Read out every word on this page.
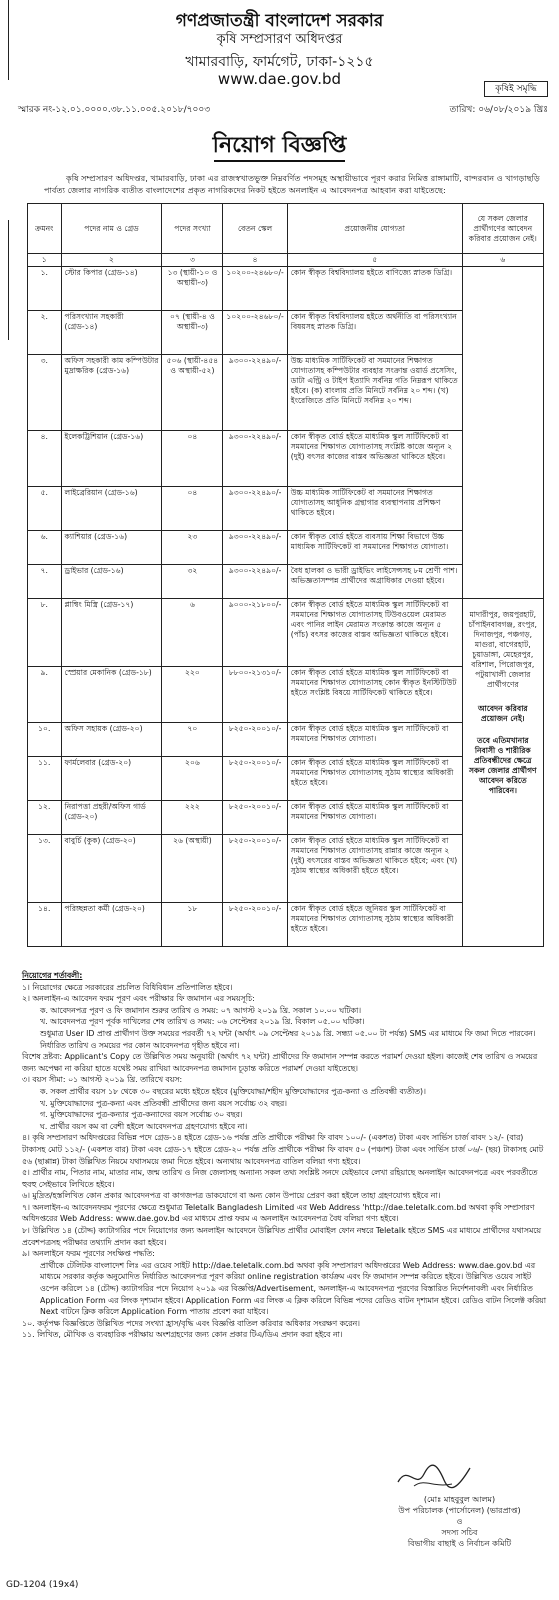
গণপ্রজাতন্ত্রী বাংলাদেশ সরকার
কৃষি সম্প্রসারণ অধিদপ্তর
খামারবাড়ি, ফার্মগেট, ঢাকা-১২১৫
www.dae.gov.bd
কৃষিই সমৃদ্ধি
স্মারক নং-১২.০১.০০০০.৩৮.১১.০০৫.২০১৮/৭০০৩	তারিখ: ০৬/০৮/২০১৯ খ্রিঃ
নিয়োগ বিজ্ঞপ্তি
কৃষি সম্প্রসারণ অধিদপ্তর, খামারবাড়ি, ঢাকা এর রাজস্বখাতভুক্ত নিম্নবর্ণিত পদসমূহ অস্থায়ীভাবে পূরণ করার নিমিত্ত রাঙ্গামাটি, বান্দরবান ও খাগড়াছড়ি পার্বত্য জেলার নাগরিক ব্যতীত বাংলাদেশের প্রকৃত নাগরিকদের নিকট হইতে অনলাইন এ আবেদনপত্র আহবান করা যাইতেছে:
ক্রমনং	পদের নাম ও গ্রেড	পদের সংখ্যা	বেতন স্কেল	প্রয়োজনীয় যোগ্যতা	যে সকল জেলার প্রার্থীগণের আবেদন করিবার প্রয়োজন নেই।
১	২	৩	৪	৫	৬
১.	স্টোর কিপার (গ্রেড-১৪)	১৩ (স্থায়ী-১০ ও অস্থায়ী-৩)	১০২০০-২৪৬৮০/-	কোন স্বীকৃত বিশ্ববিদ্যালয় হইতে বাণিজ্যে স্নাতক ডিগ্রি।	
২.	পরিসংখ্যান সহকারী (গ্রেড-১৪)	০৭ (স্থায়ী-৪ ও অস্থায়ী-৩)	১০২০০-২৪৬৮০/-	কোন স্বীকৃত বিশ্ববিদ্যালয় হইতে অর্থনীতি বা পরিসংখ্যান বিষয়সহ স্নাতক ডিগ্রি।	
৩.	অফিস সহকারী কাম কম্পিউটার মুদ্রাক্ষরিক (গ্রেড-১৬)	৫০৬ (স্থায়ী-৪৫৪ ও অস্থায়ী-৫২)	৯৩০০-২২৪৯০/-	উচ্চ মাধ্যমিক সার্টিফিকেট বা সমমানের শিক্ষাগত যোগ্যতাসহ কম্পিউটার ব্যবহার সংক্রান্ত ওয়ার্ড প্রসেসিং, ডাটা এন্ট্রি ও টাইপ ইত্যাদি সর্বনিম্ন গতি নিম্নরূপ থাকিতে হইবে। (ক) বাংলায় প্রতি মিনিটে সর্বনিম্ন ২০ শব্দ। (খ) ইংরেজিতে প্রতি মিনিটে সর্বনিম্ন ২০ শব্দ।	
৪.	ইলেকট্রিশিয়ান (গ্রেড-১৬)	০৪	৯৩০০-২২৪৯০/-	কোন স্বীকৃত বোর্ড হইতে মাধ্যমিক স্কুল সার্টিফিকেট বা সমমানের শিক্ষাগত যোগ্যতাসহ সংশ্লিষ্ট কাজে অন্যূন ২ (দুই) বৎসর কাজের বাস্তব অভিজ্ঞতা থাকিতে হইবে।	
৫.	লাইব্রেরিয়ান (গ্রেড-১৬)	০৪	৯৩০০-২২৪৯০/-	উচ্চ মাধ্যমিক সার্টিফিকেট বা সমমানের শিক্ষাগত যোগ্যতাসহ আধুনিক গ্রন্থাগার ব্যবস্থাপনায় প্রশিক্ষণ থাকিতে হইবে।	
৬.	ক্যাশিয়ার (গ্রেড-১৬)	২৩	৯৩০০-২২৪৯০/-	কোন স্বীকৃত বোর্ড হইতে ব্যবসায় শিক্ষা বিভাগে উচ্চ মাধ্যমিক সার্টিফিকেট বা সমমানের শিক্ষাগত যোগ্যতা।	
৭.	ড্রাইভার (গ্রেড-১৬)	৩২	৯৩০০-২২৪৯০/-	বৈধ হালকা ও ভারী ড্রাইভিং লাইসেন্সসহ ৮ম শ্রেণী পাশ। অভিজ্ঞতাসম্পন্ন প্রার্থীদের অগ্রাধিকার দেওয়া হইবে।	
৮.	প্লাম্বিং মিস্ত্রি (গ্রেড-১৭)	৬	৯০০০-২১৮০০/-	কোন স্বীকৃত বোর্ড হইতে মাধ্যমিক স্কুল সার্টিফিকেট বা সমমানের শিক্ষাগত যোগ্যতাসহ টিউবওয়েল মেরামত এবং পানির লাইন মেরামত সংক্রান্ত কাজে অন্যূন ৫ (পাঁচ) বৎসর কাজের বাস্তব অভিজ্ঞতা থাকিতে হইবে।	মাদারীপুর, জয়পুরহাট, চাঁপাইনবাবগঞ্জ, রংপুর, দিনাজপুর, পঞ্চগড়, মাগুরা, বাগেরহাট, চুয়াডাঙ্গা, মেহেরপুর, বরিশাল, পিরোজপুর, পটুয়াখালী জেলার প্রার্থীগণের
আবেদন করিবার প্রয়োজন নেই।
তবে এতিমখানার নিবাসী ও শারীরিক প্রতিবন্ধীদের ক্ষেত্রে সকল জেলার প্রার্থীগণ আবেদন করিতে পারিবেন।

৯.	স্প্রেয়ার মেকানিক (গ্রেড-১৮)	২২০	৮৮০০-২১৩১০/-	কোন স্বীকৃত বোর্ড হইতে মাধ্যমিক স্কুল সার্টিফিকেট বা সমমানের শিক্ষাগত যোগ্যতাসহ কোন স্বীকৃত ইনস্টিটিউট হইতে সংশ্লিষ্ট বিষয়ে সার্টিফিকেট থাকিতে হইবে।	
১০.	অফিস সহায়ক (গ্রেড-২০)	৭০	৮২৫০-২০০১০/-	কোন স্বীকৃত বোর্ড হইতে মাধ্যমিক স্কুল সার্টিফিকেট বা সমমানের শিক্ষাগত যোগ্যতা।	
১১.	ফার্মলেবার (গ্রেড-২০)	২০৬	৮২৫০-২০০১০/-	কোন স্বীকৃত বোর্ড হইতে মাধ্যমিক স্কুল সার্টিফিকেট বা সমমানের শিক্ষাগত যোগ্যতাসহ সুঠাম স্বাস্থ্যের অধিকারী হইতে হইবে।	
১২.	নিরাপত্তা প্রহরী/অফিস গার্ড (গ্রেড-২০)	২২২	৮২৫০-২০০১০/-	কোন স্বীকৃত বোর্ড হইতে মাধ্যমিক স্কুল সার্টিফিকেট বা সমমানের শিক্ষাগত যোগ্যতা।	
১৩.	বাবুর্চি (কুক) (গ্রেড-২০)	২৬ (অস্থায়ী)	৮২৫০-২০০১০/-	কোন স্বীকৃত বোর্ড হইতে মাধ্যমিক স্কুল সার্টিফিকেট বা সমমানের শিক্ষাগত যোগ্যতাসহ রান্নার কাজে অন্যূন ২ (দুই) বৎসরের বাস্তব অভিজ্ঞতা থাকিতে হইবে; এবং (খ) সুঠাম স্বাস্থ্যের অধিকারী হইতে হইবে।	
১৪.	পরিচ্ছন্নতা কর্মী (গ্রেড-২০)	১৮	৮২৫০-২০০১০/-	কোন স্বীকৃত বোর্ড হইতে জুনিয়র স্কুল সার্টিফিকেট বা সমমানের শিক্ষাগত যোগ্যতাসহ সুঠাম স্বাস্থ্যের অধিকারী হইতে হইবে।	

নিয়োগের শর্তাবলী:

১। নিয়োগের ক্ষেত্রে সরকারের প্রচলিত বিধিবিধান প্রতিপালিত হইবে।

২। অনলাইন-এ আবেদন ফরম পূরণ এবং পরীক্ষার ফি জমাদান এর সময়সূচি:

ক. আবেদনপত্র পূরণ ও ফি জমাদান শুরুর তারিখ ও সময়: ০৭ আগস্ট ২০১৯ খ্রি. সকাল ১০.০০ ঘটিকা।

খ. আবেদনপত্র পূরণ পূর্বক দাখিলের শেষ তারিখ ও সময়: ০৬ সেপ্টেম্বর ২০১৯ খ্রি. বিকাল ০৫.০০ ঘটিকা।

শুধুমাত্র User ID প্রাপ্ত প্রার্থীগণ উক্ত সময়ের পরবর্তী ৭২ ঘন্টা (অর্থাৎ ০৯ সেপ্টেম্বর ২০১৯ খ্রি. সন্ধ্যা ০৫.০০ টা পর্যন্ত) SMS এর মাধ্যমে ফি জমা দিতে পারবেন। নির্ধারিত তারিখ ও সময়ের পর কোন আবেদনপত্র গৃহীত হইবে না।

বিশেষ দ্রষ্টব্য: Applicant's Copy তে উল্লিখিত সময় অনুযায়ী (অর্থাৎ ৭২ ঘন্টা) প্রার্থীদের ফি জমাদান সম্পন্ন করতে পরামর্শ দেওয়া হইল। কাজেই শেষ তারিখ ও সময়ের জন্য অপেক্ষা না করিয়া হাতে যথেষ্ট সময় রাখিয়া আবেদনপত্র জমাদান চূড়ান্ত করিতে পরামর্শ দেওয়া যাইতেছে।

৩। বয়স সীমা: ০১ আগস্ট ২০১৯ খ্রি. তারিখে বয়স:

ক. সকল প্রার্থীর বয়স ১৮ থেকে ৩০ বছরের মধ্যে হইতে হইবে (মুক্তিযোদ্ধা/শহীদ মুক্তিযোদ্ধাদের পুত্র-কন্যা ও প্রতিবন্ধী ব্যতীত)।

খ. মুক্তিযোদ্ধাদের পুত্র-কন্যা এবং প্রতিবন্ধী প্রার্থীদের জন্য বয়স সর্বোচ্চ ৩২ বছর।

গ. মুক্তিযোদ্ধাদের পুত্র-কন্যার পুত্র-কন্যাদের বয়স সর্বোচ্চ ৩০ বছর।

ঘ. প্রার্থীর বয়স কম বা বেশী হইলে আবেদনপত্র গ্রহণযোগ্য হইবে না।

৪। কৃষি সম্প্রসারণ অধিদপ্তরের বিভিন্ন পদে গ্রেড-১৪ হইতে গ্রেড-১৬ পর্যন্ত প্রতি প্রার্থীকে পরীক্ষা ফি বাবদ ১০০/- (একশত) টাকা এবং সার্ভিস চার্জ বাবদ ১২/- (বার) টাকাসহ মোট ১১২/- (একশত বার) টাকা এবং গ্রেড-১৭ হইতে গ্রেড-২০ পর্যন্ত প্রতি প্রার্থীকে পরীক্ষা ফি বাবদ ৫০ (পঞ্চাশ) টাকা এবং সার্ভিস চার্জ ০৬/- (ছয়) টাকাসহ মোট ৫৬ (ছাপ্পান্ন) টাকা উল্লিখিত নিয়মে যথাসময়ে জমা দিতে হইবে। অন্যথায় আবেদনপত্র বাতিল বলিয়া গণ্য হইবে।

৫। প্রার্থীর নাম, পিতার নাম, মাতার নাম, জন্ম তারিখ ও নিজ জেলাসহ অন্যান্য সকল তথ্য সংশ্লিষ্ট সনদে যেইভাবে লেখা রহিয়াছে অনলাইন আবেদনপত্রে এবং পরবর্তীতে হুবহু সেইভাবে লিখিতে হইবে।

৬। মুদ্রিত/হস্তলিখিত কোন প্রকার আবেদনপত্র বা কাগজপত্র ডাকযোগে বা অন্য কোন উপায়ে প্রেরণ করা হইলে তাহা গ্রহণযোগ্য হইবে না।

৭। অনলাইন-এ আবেদনফরম পূরণের ক্ষেত্রে শুধুমাত্র Teletalk Bangladesh Limited এর Web Address 'http://dae.teletalk.com.bd অথবা কৃষি সম্প্রসারণ অধিদপ্তরের Web Address: www.dae.gov.bd এর মাধ্যমে প্রাপ্ত ফরম এ অনলাইন আবেদনপত্র বৈধ বলিয়া গণ্য হইবে।

৮। উল্লিখিত ১৪ (চৌদ্দ) ক্যাটাগরির পদে নিয়োগের জন্য অনলাইন আবেদনে উল্লিখিত প্রার্থীর মোবাইল ফোন নম্বরে Teletalk হইতে SMS এর মাধ্যমে প্রার্থীদের যথাসময়ে প্রবেশপত্রসহ পরীক্ষার তথ্যাদি প্রদান করা হইবে।

৯। অনলাইনে ফরম পূরণের সংক্ষিপ্ত পদ্ধতি:

প্রার্থীকে টেলিটক বাংলাদেশ লিঃ এর ওয়েব সাইট http://dae.teletalk.com.bd অথবা কৃষি সম্প্রসারণ অধিদপ্তরের Web Address: www.dae.gov.bd এর মাধ্যমে সরকার কর্তৃক অনুমোদিত নির্ধারিত আবেদনপত্র পূরণ করিয়া online registration কার্যক্রম এবং ফি জমাদান সম্পন্ন করিতে হইবে। উল্লিখিত ওয়েব সাইট ওপেন করিলে ১৪ (চৌদ্দ) ক্যাটাগরির পদে নিয়োগ ২০১৯ এর বিজ্ঞপ্তি/Advertisement, অনলাইন-এ আবেদনপত্র পূরণের বিস্তারিত নির্দেশনাবলী এবং নির্ধারিত Application Form এর লিংক দৃশ্যমান হইবে। Application Form এর লিংক এ ক্লিক করিলে বিভিন্ন পদের রেডিও বাটন দৃশ্যমান হইবে। রেডিও বাটন সিলেক্ট করিয়া Next বাটনে ক্লিক করিলে Application Form পাতায় প্রবেশ করা যাইবে।

১০. কর্তৃপক্ষ বিজ্ঞপ্তিতে উল্লিখিত পদের সংখ্যা হ্রাস/বৃদ্ধি এবং বিজ্ঞপ্তি বাতিল করিবার অধিকার সংরক্ষণ করেন।

১১. লিখিত, মৌখিক ও ব্যবহারিক পরীক্ষায় অংশগ্রহণের জন্য কোন প্রকার টিএ/ডিএ প্রদান করা হইবে না।

(মোঃ মাহবুবুল আলম)
উপ পরিচালক (পার্সোনেল) (ভারপ্রাপ্ত)
ও
সদস্য সচিব
বিভাগীয় বাছাই ও নির্বাচন কমিটি
GD-1204 (19x4)
